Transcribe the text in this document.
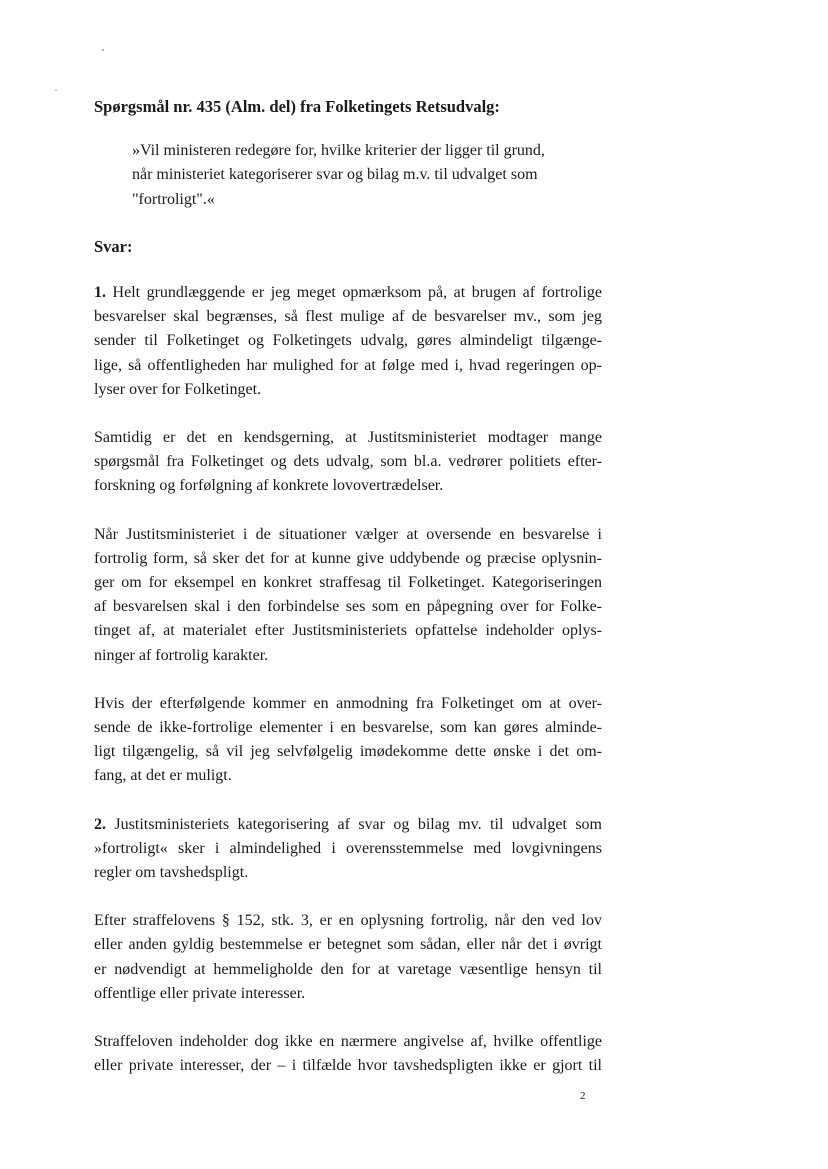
Spørgsmål nr. 435 (Alm. del) fra Folketingets Retsudvalg:
»Vil ministeren redegøre for, hvilke kriterier der ligger til grund,
når ministeriet kategoriserer svar og bilag m.v. til udvalget som
"fortroligt".«
Svar:
1. Helt grundlæggende er jeg meget opmærksom på, at brugen af fortrolige
besvarelser skal begrænses, så flest mulige af de besvarelser mv., som jeg
sender til Folketinget og Folketingets udvalg, gøres almindeligt tilgænge-
lige, så offentligheden har mulighed for at følge med i, hvad regeringen op-
lyser over for Folketinget.
Samtidig er det en kendsgerning, at Justitsministeriet modtager mange
spørgsmål fra Folketinget og dets udvalg, som bl.a. vedrører politiets efter-
forskning og forfølgning af konkrete lovovertrædelser.
Når Justitsministeriet i de situationer vælger at oversende en besvarelse i
fortrolig form, så sker det for at kunne give uddybende og præcise oplysnin-
ger om for eksempel en konkret straffesag til Folketinget. Kategoriseringen
af besvarelsen skal i den forbindelse ses som en påpegning over for Folke-
tinget af, at materialet efter Justitsministeriets opfattelse indeholder oplys-
ninger af fortrolig karakter.
Hvis der efterfølgende kommer en anmodning fra Folketinget om at over-
sende de ikke-fortrolige elementer i en besvarelse, som kan gøres alminde-
ligt tilgængelig, så vil jeg selvfølgelig imødekomme dette ønske i det om-
fang, at det er muligt.
2. Justitsministeriets kategorisering af svar og bilag mv. til udvalget som
»fortroligt« sker i almindelighed i overensstemmelse med lovgivningens
regler om tavshedspligt.
Efter straffelovens § 152, stk. 3, er en oplysning fortrolig, når den ved lov
eller anden gyldig bestemmelse er betegnet som sådan, eller når det i øvrigt
er nødvendigt at hemmeligholde den for at varetage væsentlige hensyn til
offentlige eller private interesser.
Straffeloven indeholder dog ikke en nærmere angivelse af, hvilke offentlige
eller private interesser, der – i tilfælde hvor tavshedspligten ikke er gjort til
2
